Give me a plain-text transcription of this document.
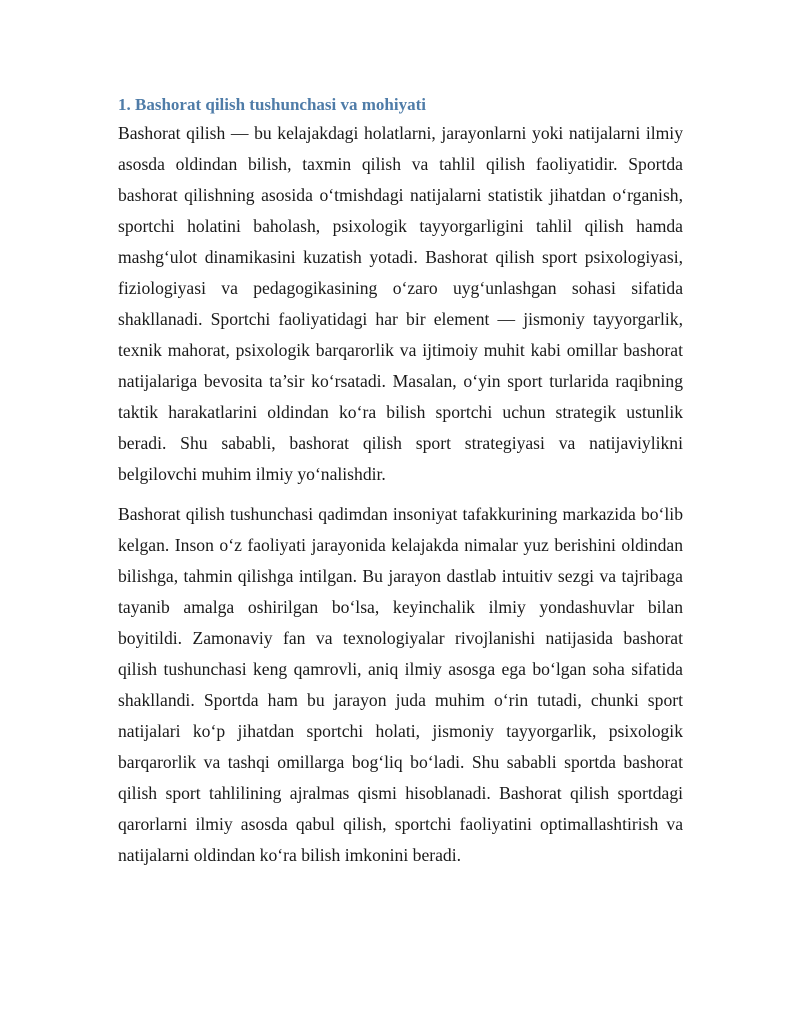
1. Bashorat qilish tushunchasi va mohiyati

Bashorat qilish — bu kelajakdagi holatlarni, jarayonlarni yoki natijalarni ilmiy asosda oldindan bilish, taxmin qilish va tahlil qilish faoliyatidir. Sportda bashorat qilishning asosida o‘tmishdagi natijalarni statistik jihatdan o‘rganish, sportchi holatini baholash, psixologik tayyorgarligini tahlil qilish hamda mashg‘ulot dinamikasini kuzatish yotadi. Bashorat qilish sport psixologiyasi, fiziologiyasi va pedagogikasining o‘zaro uyg‘unlashgan sohasi sifatida shakllanadi. Sportchi faoliyatidagi har bir element — jismoniy tayyorgarlik, texnik mahorat, psixologik barqarorlik va ijtimoiy muhit kabi omillar bashorat natijalariga bevosita ta’sir ko‘rsatadi. Masalan, o‘yin sport turlarida raqibning taktik harakatlarini oldindan ko‘ra bilish sportchi uchun strategik ustunlik beradi. Shu sababli, bashorat qilish sport strategiyasi va natijaviylikni belgilovchi muhim ilmiy yo‘nalishdir.

Bashorat qilish tushunchasi qadimdan insoniyat tafakkurining markazida bo‘lib kelgan. Inson o‘z faoliyati jarayonida kelajakda nimalar yuz berishini oldindan bilishga, tahmin qilishga intilgan. Bu jarayon dastlab intuitiv sezgi va tajribaga tayanib amalga oshirilgan bo‘lsa, keyinchalik ilmiy yondashuvlar bilan boyitildi. Zamonaviy fan va texnologiyalar rivojlanishi natijasida bashorat qilish tushunchasi keng qamrovli, aniq ilmiy asosga ega bo‘lgan soha sifatida shakllandi. Sportda ham bu jarayon juda muhim o‘rin tutadi, chunki sport natijalari ko‘p jihatdan sportchi holati, jismoniy tayyorgarlik, psixologik barqarorlik va tashqi omillarga bog‘liq bo‘ladi. Shu sababli sportda bashorat qilish sport tahlilining ajralmas qismi hisoblanadi. Bashorat qilish sportdagi qarorlarni ilmiy asosda qabul qilish, sportchi faoliyatini optimallashtirish va natijalarni oldindan ko‘ra bilish imkonini beradi.
